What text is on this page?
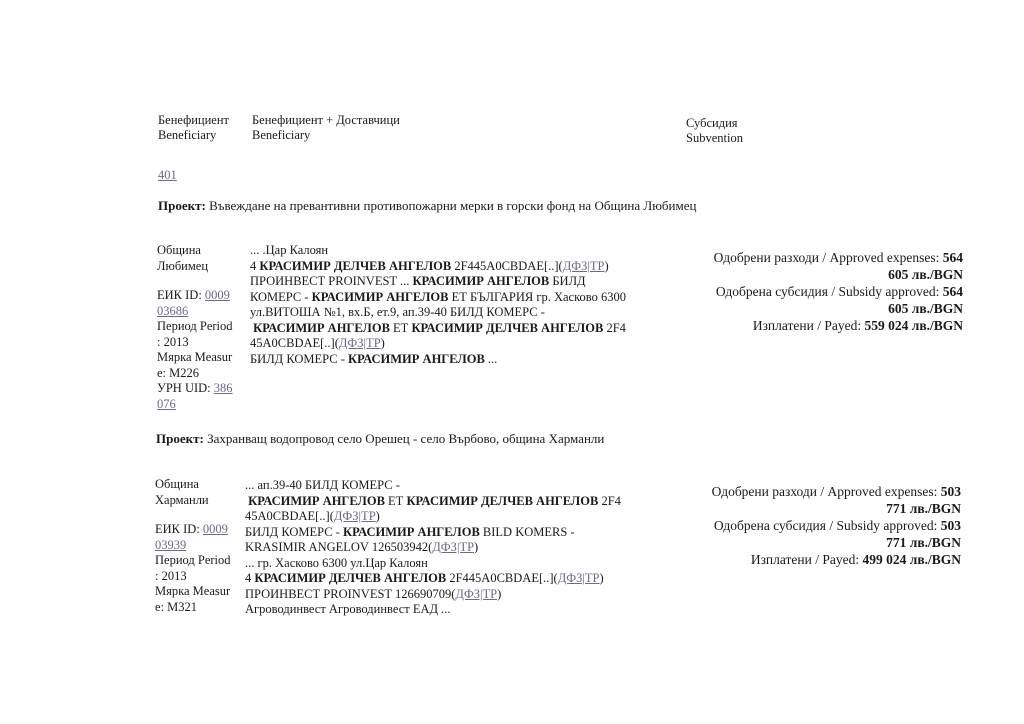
Бенефициент
Beneficiary
Бенефициент + Доставчици
Beneficiary
Субсидия
Subvention
401
Проект: Въвеждане на превантивни противопожарни мерки в горски фонд на Община Любимец
Община
Любимец
ЕИК ID: 0009
03686
Период Period
: 2013
Мярка Measur
e: M226
УРН UID: 386
076
... .Цар Калоян
4 КРАСИМИР ДЕЛЧЕВ АНГЕЛОВ 2F445A0CBDAE[..](ДФЗ|ТР)
ПРОИНВЕСТ PROINVEST ... КРАСИМИР АНГЕЛОВ БИЛД
КОМЕРС - КРАСИМИР АНГЕЛОВ ЕТ БЪЛГАРИЯ гр. Хасково 6300
ул.ВИТОША №1, вх.Б, ет.9, ап.39-40 БИЛД КОМЕРС -
КРАСИМИР АНГЕЛОВ ЕТ КРАСИМИР ДЕЛЧЕВ АНГЕЛОВ 2F4
45A0CBDAE[..](ДФЗ|ТР)
БИЛД КОМЕРС - КРАСИМИР АНГЕЛОВ ...
Одобрени разходи / Approved expenses: 564
605 лв./BGN
Одобрена субсидия / Subsidy approved: 564
605 лв./BGN
Изплатени / Payed: 559 024 лв./BGN
Проект: Захранващ водопровод село Орешец - село Върбово, община Харманли
Община
Харманли
ЕИК ID: 0009
03939
Период Period
: 2013
Мярка Measur
e: M321
... ап.39-40 БИЛД КОМЕРС -
КРАСИМИР АНГЕЛОВ ЕТ КРАСИМИР ДЕЛЧЕВ АНГЕЛОВ 2F4
45A0CBDAE[..](ДФЗ|ТР)
БИЛД КОМЕРС - КРАСИМИР АНГЕЛОВ BILD KOMERS -
KRASIMIR ANGELOV 126503942(ДФЗ|ТР)
... гр. Хасково 6300 ул.Цар Калоян
4 КРАСИМИР ДЕЛЧЕВ АНГЕЛОВ 2F445A0CBDAE[..](ДФЗ|ТР)
ПРОИНВЕСТ PROINVEST 126690709(ДФЗ|ТР)
Агроводинвест Агроводинвест ЕАД ...
Одобрени разходи / Approved expenses: 503
771 лв./BGN
Одобрена субсидия / Subsidy approved: 503
771 лв./BGN
Изплатени / Payed: 499 024 лв./BGN
